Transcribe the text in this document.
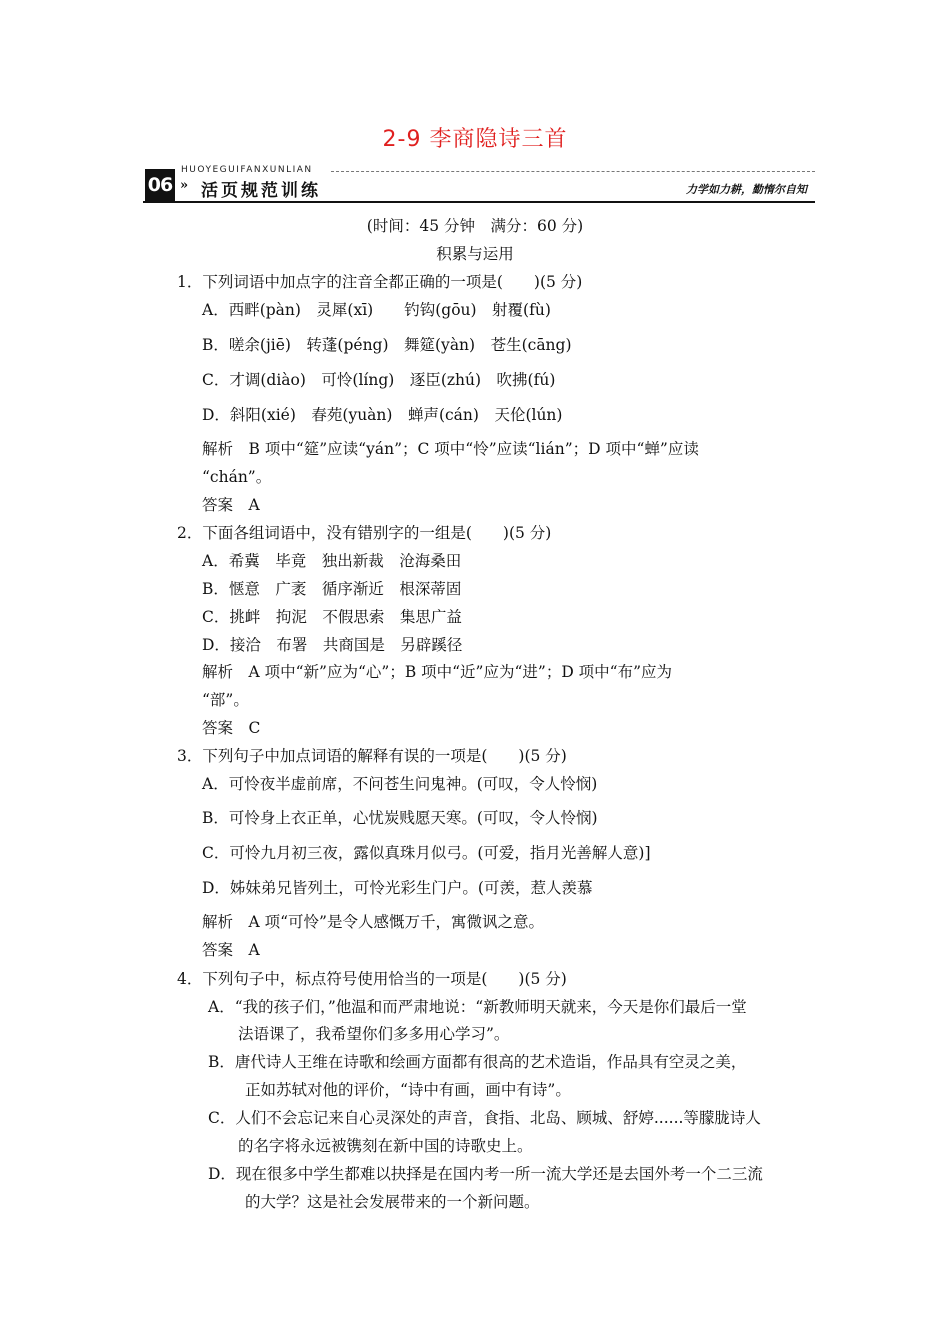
2-9 李商隐诗三首
06
HUOYEGUIFANXUNLIAN
» 活页规范训练	力学如力耕，勤惰尔自知
(时间：45 分钟　满分：60 分)
积累与运用
1．下列词语中加点字的注音全都正确的一项是(　　)(5 分)
A．西畔(pàn)　灵犀(xī)　　钓钩(gōu)　射覆(fù)
B．嗟余(jiē)　转蓬(péng)　舞筵(yàn)　苍生(cāng)
C．才调(diào)　可怜(líng)　逐臣(zhú)　吹拂(fú)
D．斜阳(xié)　春苑(yuàn)　蝉声(cán)　天伦(lún)
解析　B 项中“筵”应读“yán”；C 项中“怜”应读“lián”；D 项中“蝉”应读
“chán”。
答案　A
2．下面各组词语中，没有错别字的一组是(　　)(5 分)
A．希冀　毕竟　独出新裁　沧海桑田
B．惬意　广袤　循序渐近　根深蒂固
C．挑衅　拘泥　不假思索　集思广益
D．接洽　布署　共商国是　另辟蹊径
解析　A 项中“新”应为“心”；B 项中“近”应为“进”；D 项中“布”应为
“部”。
答案　C
3．下列句子中加点词语的解释有误的一项是(　　)(5 分)
A．可怜夜半虚前席，不问苍生问鬼神。(可叹，令人怜悯)
B．可怜身上衣正单，心忧炭贱愿天寒。(可叹，令人怜悯)
C．可怜九月初三夜，露似真珠月似弓。(可爱，指月光善解人意)]
D．姊妹弟兄皆列土，可怜光彩生门户。(可羡，惹人羡慕
解析　A 项“可怜”是令人感慨万千，寓微讽之意。
答案　A
4．下列句子中，标点符号使用恰当的一项是(　　)(5 分)
A．“我的孩子们，”他温和而严肃地说：“新教师明天就来，今天是你们最后一堂
法语课了，我希望你们多多用心学习”。
B．唐代诗人王维在诗歌和绘画方面都有很高的艺术造诣，作品具有空灵之美，
正如苏轼对他的评价，“诗中有画，画中有诗”。
C．人们不会忘记来自心灵深处的声音，食指、北岛、顾城、舒婷......等朦胧诗人
的名字将永远被镌刻在新中国的诗歌史上。
D．现在很多中学生都难以抉择是在国内考一所一流大学还是去国外考一个二三流
的大学？这是社会发展带来的一个新问题。
